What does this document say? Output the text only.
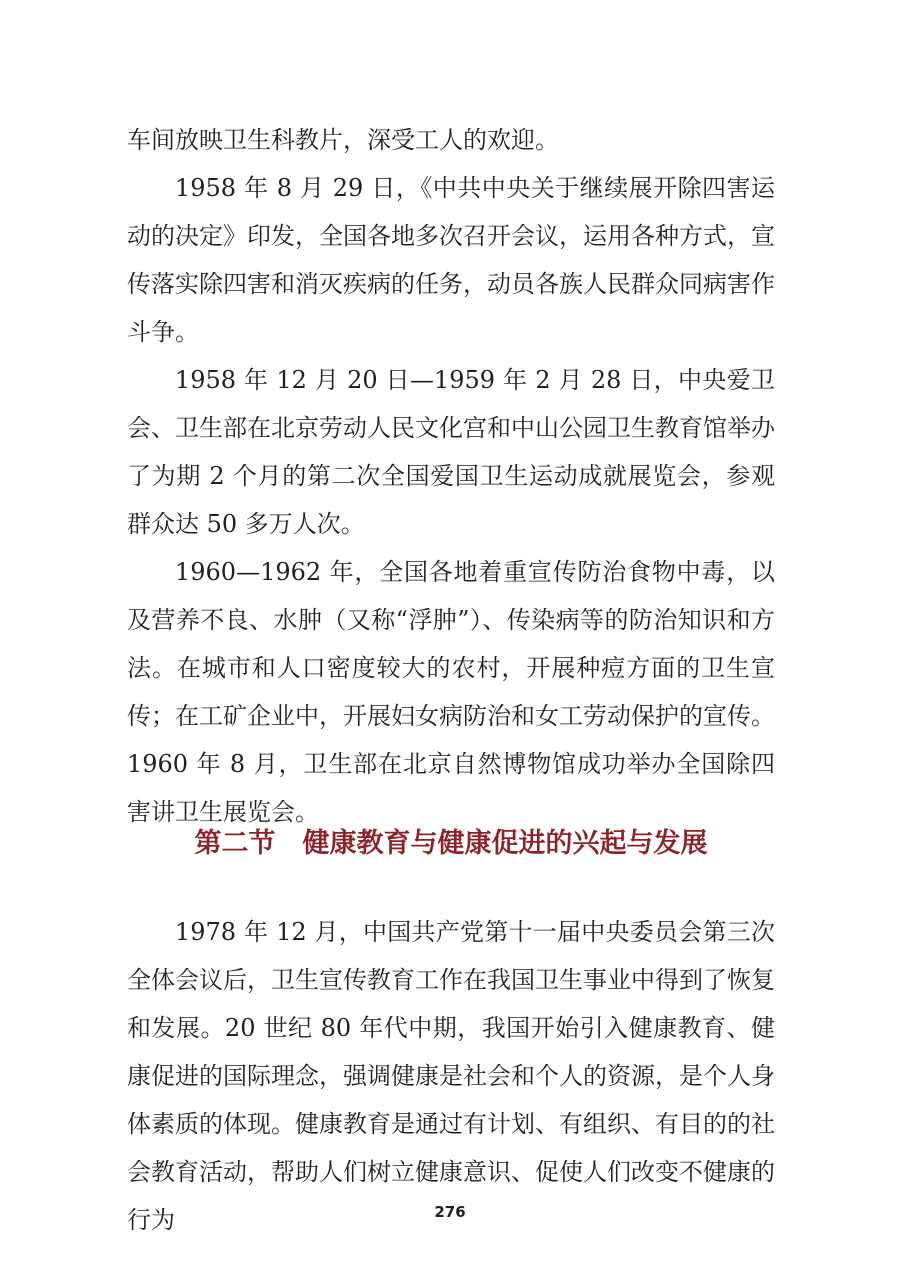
车间放映卫生科教片，深受工人的欢迎。

1958 年 8 月 29 日，《中共中央关于继续展开除四害运动的决定》印发，全国各地多次召开会议，运用各种方式，宣传落实除四害和消灭疾病的任务，动员各族人民群众同病害作斗争。

1958 年 12 月 20 日—1959 年 2 月 28 日，中央爱卫会、卫生部在北京劳动人民文化宫和中山公园卫生教育馆举办了为期 2 个月的第二次全国爱国卫生运动成就展览会，参观群众达 50 多万人次。

1960—1962 年，全国各地着重宣传防治食物中毒，以及营养不良、水肿（又称“浮肿”）、传染病等的防治知识和方法。在城市和人口密度较大的农村，开展种痘方面的卫生宣传；在工矿企业中，开展妇女病防治和女工劳动保护的宣传。1960 年 8 月，卫生部在北京自然博物馆成功举办全国除四害讲卫生展览会。

第二节　健康教育与健康促进的兴起与发展

1978 年 12 月，中国共产党第十一届中央委员会第三次全体会议后，卫生宣传教育工作在我国卫生事业中得到了恢复和发展。20 世纪 80 年代中期，我国开始引入健康教育、健康促进的国际理念，强调健康是社会和个人的资源，是个人身体素质的体现。健康教育是通过有计划、有组织、有目的的社会教育活动，帮助人们树立健康意识、促使人们改变不健康的行为	276
